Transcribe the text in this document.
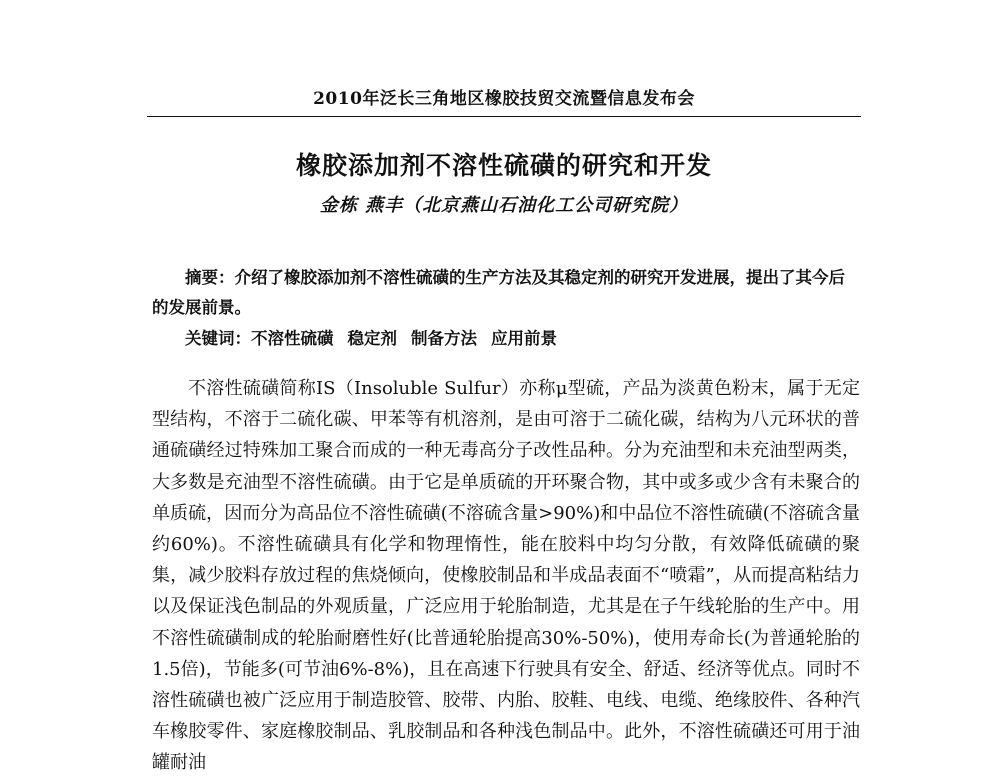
2010年泛长三角地区橡胶技贸交流暨信息发布会
橡胶添加剂不溶性硫磺的研究和开发
金栋 燕丰（北京燕山石油化工公司研究院）

摘要：介绍了橡胶添加剂不溶性硫磺的生产方法及其稳定剂的研究开发进展，提出了其今后的发展前景。

关键词：不溶性硫磺 稳定剂 制备方法 应用前景

不溶性硫磺简称IS（Insoluble Sulfur）亦称μ型硫，产品为淡黄色粉末，属于无定型结构，不溶于二硫化碳、甲苯等有机溶剂，是由可溶于二硫化碳，结构为八元环状的普通硫磺经过特殊加工聚合而成的一种无毒高分子改性品种。分为充油型和未充油型两类，大多数是充油型不溶性硫磺。由于它是单质硫的开环聚合物，其中或多或少含有未聚合的单质硫，因而分为高品位不溶性硫磺(不溶硫含量>90%)和中品位不溶性硫磺(不溶硫含量约60%)。不溶性硫磺具有化学和物理惰性，能在胶料中均匀分散，有效降低硫磺的聚集，减少胶料存放过程的焦烧倾向，使橡胶制品和半成品表面不“喷霜”，从而提高粘结力以及保证浅色制品的外观质量，广泛应用于轮胎制造，尤其是在子午线轮胎的生产中。用不溶性硫磺制成的轮胎耐磨性好(比普通轮胎提高30%-50%)，使用寿命长(为普通轮胎的1.5倍)，节能多(可节油6%-8%)，且在高速下行驶具有安全、舒适、经济等优点。同时不溶性硫磺也被广泛应用于制造胶管、胶带、内胎、胶鞋、电线、电缆、绝缘胶件、各种汽车橡胶零件、家庭橡胶制品、乳胶制品和各种浅色制品中。此外，不溶性硫磺还可用于油罐耐油
